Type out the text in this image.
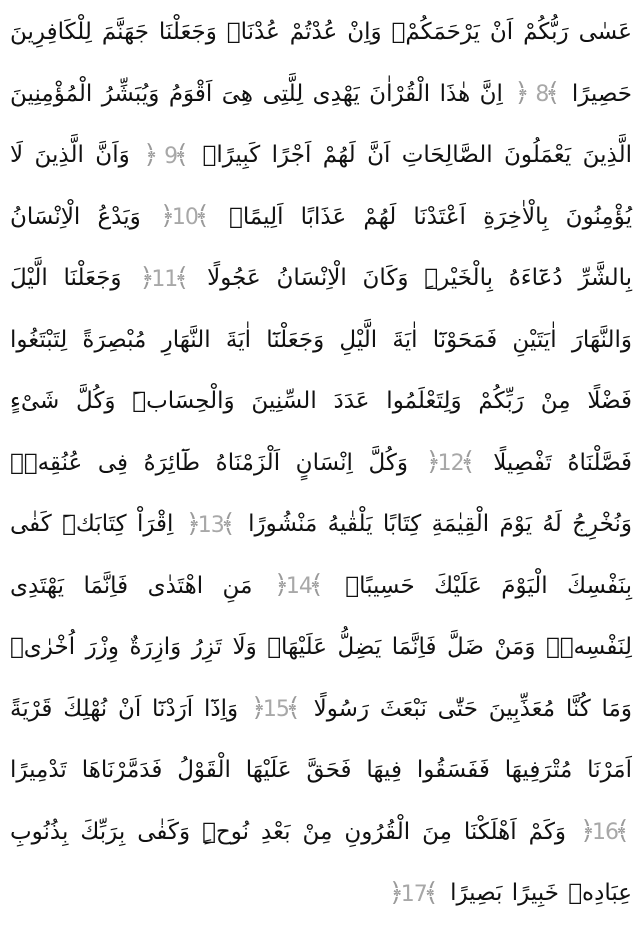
عَسٰى رَبُّكُمْ اَنْ يَرْحَمَكُمْۚ وَاِنْ عُدْتُمْ عُدْنَاۘ وَجَعَلْنَا جَهَنَّمَ لِلْكَافِرِينَ حَصِيرًا
﴿ 8
﴾
اِنَّ هٰذَا الْقُرْاٰنَ يَهْدِى لِلَّتِى هِىَ اَقْوَمُ وَيُبَشِّرُ الْمُؤْمِنِينَ الَّذِينَ يَعْمَلُونَ الصَّالِحَاتِ اَنَّ لَهُمْ اَجْرًا كَبِيرًاۙ
﴿ 9
﴾
وَاَنَّ الَّذِينَ لَا يُؤْمِنُونَ بِالْاٰخِرَةِ اَعْتَدْنَا لَهُمْ عَذَابًا اَلِيمًا۟
﴿
10
﴾
وَيَدْعُ الْاِنْسَانُ بِالشَّرِّ دُعَٓاءَهُ بِالْخَيْرِۜ وَكَانَ الْاِنْسَانُ عَجُولًا
﴿
11
﴾
وَجَعَلْنَا الَّيْلَ وَالنَّهَارَ اٰيَتَيْنِ فَمَحَوْنَٓا اٰيَةَ الَّيْلِ وَجَعَلْنَٓا اٰيَةَ النَّهَارِ مُبْصِرَةً لِتَبْتَغُوا فَضْلًا مِنْ رَبِّكُمْ وَلِتَعْلَمُوا عَدَدَ السِّنِينَ وَالْحِسَابَۜ وَكُلَّ شَیْءٍ فَصَّلْنَاهُ تَفْصِيلًا
﴿
12
﴾
وَكُلَّ اِنْسَانٍ اَلْزَمْنَاهُ طَٓائِرَهُ فِى عُنُقِهٖۜ وَنُخْرِجُ لَهُ يَوْمَ الْقِيٰمَةِ كِتَابًا يَلْقٰيهُ مَنْشُورًا
﴿
13
﴾
اِقْرَاْ كِتَابَكَۜ كَفٰى بِنَفْسِكَ الْيَوْمَ عَلَيْكَ حَسِيبًاۜ
﴿
14
﴾
مَنِ اهْتَدٰى فَاِنَّمَا يَهْتَدِى لِنَفْسِهٖۚ وَمَنْ ضَلَّ فَاِنَّمَا يَضِلُّ عَلَيْهَاۜ وَلَا تَزِرُ وَازِرَةٌ وِزْرَ اُخْرٰىۜ وَمَا كُنَّا مُعَذِّبِينَ حَتّٰى نَبْعَثَ رَسُولًا
﴿
15
﴾
وَاِذَٓا اَرَدْنَٓا اَنْ نُهْلِكَ قَرْيَةً اَمَرْنَا مُتْرَفِيهَا فَفَسَقُوا فِيهَا فَحَقَّ عَلَيْهَا الْقَوْلُ فَدَمَّرْنَاهَا تَدْمِيرًا
﴿
16
﴾
وَكَمْ اَهْلَكْنَا مِنَ الْقُرُونِ مِنْ بَعْدِ نُوحٍۜ وَكَفٰى بِرَبِّكَ بِذُنُوبِ عِبَادِهٖ خَبِيرًا بَصِيرًا
﴿
17
﴾
